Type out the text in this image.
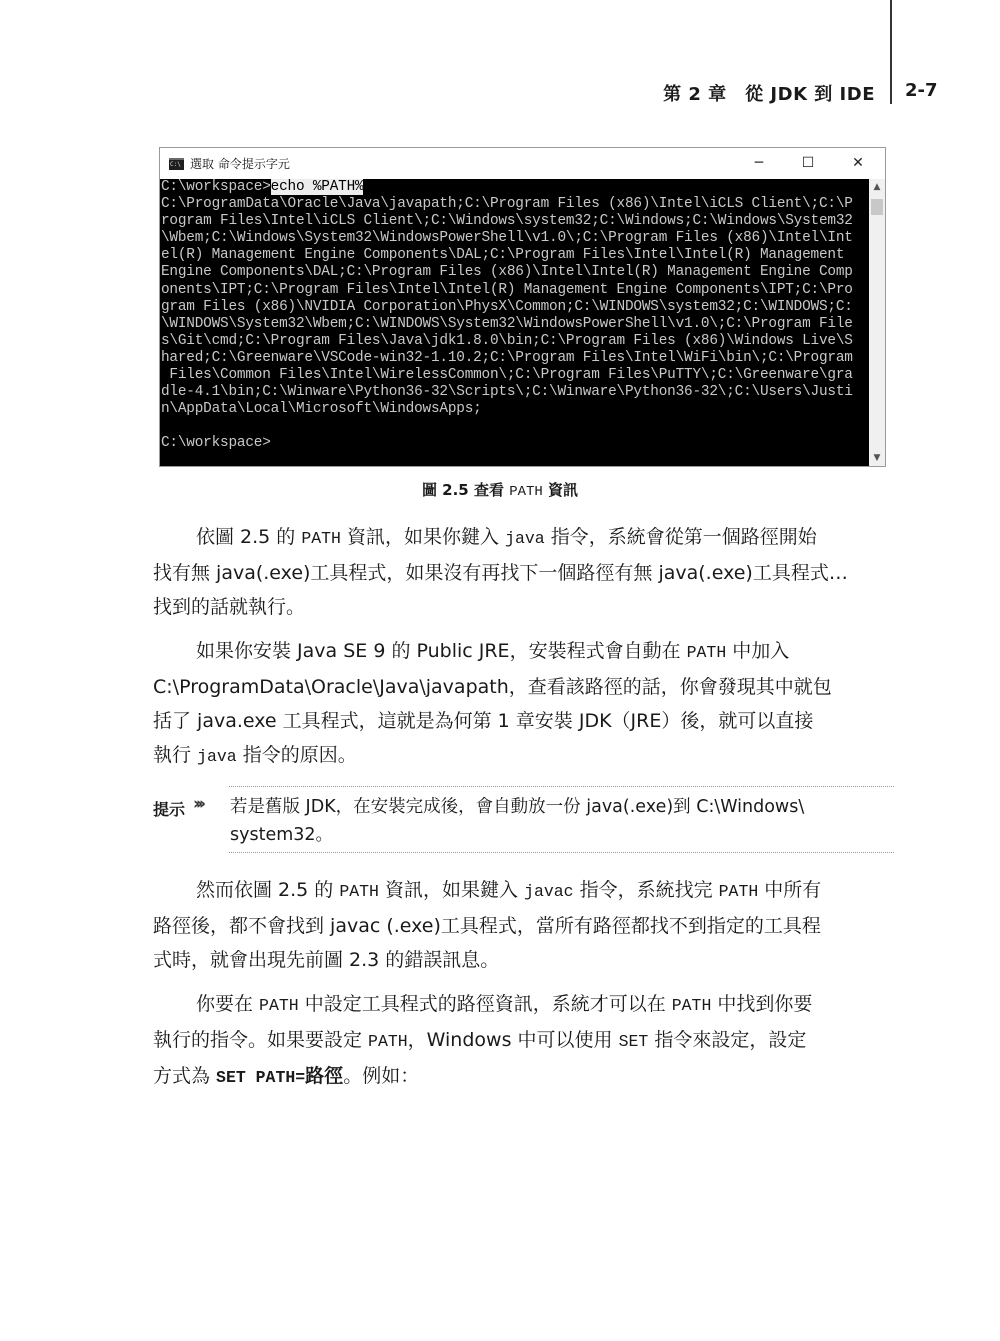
第 2 章　從 JDK 到 IDE 2-7
C:\ 選取 命令提示字元	─	☐	✕
C:\workspace>echo %PATH%
C:\ProgramData\Oracle\Java\javapath;C:\Program Files (x86)\Intel\iCLS Client\;C:\P
rogram Files\Intel\iCLS Client\;C:\Windows\system32;C:\Windows;C:\Windows\System32
\Wbem;C:\Windows\System32\WindowsPowerShell\v1.0\;C:\Program Files (x86)\Intel\Int
el(R) Management Engine Components\DAL;C:\Program Files\Intel\Intel(R) Management
Engine Components\DAL;C:\Program Files (x86)\Intel\Intel(R) Management Engine Comp
onents\IPT;C:\Program Files\Intel\Intel(R) Management Engine Components\IPT;C:\Pro
gram Files (x86)\NVIDIA Corporation\PhysX\Common;C:\WINDOWS\system32;C:\WINDOWS;C:
\WINDOWS\System32\Wbem;C:\WINDOWS\System32\WindowsPowerShell\v1.0\;C:\Program File
s\Git\cmd;C:\Program Files\Java\jdk1.8.0\bin;C:\Program Files (x86)\Windows Live\S
hared;C:\Greenware\VSCode-win32-1.10.2;C:\Program Files\Intel\WiFi\bin\;C:\Program
Files\Common Files\Intel\WirelessCommon\;C:\Program Files\PuTTY\;C:\Greenware\gra
dle-4.1\bin;C:\Winware\Python36-32\Scripts\;C:\Winware\Python36-32\;C:\Users\Justi
n\AppData\Local\Microsoft\WindowsApps;
C:\workspace>
▲
▼
圖 2.5 查看 PATH 資訊

依圖 2.5 的 PATH 資訊，如果你鍵入 java 指令，系統會從第一個路徑開始

找有無 java(.exe)工具程式，如果沒有再找下一個路徑有無 java(.exe)工具程式…

找到的話就執行。

如果你安裝 Java SE 9 的 Public JRE，安裝程式會自動在 PATH 中加入

C:\ProgramData\Oracle\Java\javapath，查看該路徑的話，你會發現其中就包

括了 java.exe 工具程式，這就是為何第 1 章安裝 JDK（JRE）後，就可以直接

執行 java 指令的原因。

提示 ››› 若是舊版 JDK，在安裝完成後，會自動放一份 java(.exe)到 C:\Windows\
system32。

然而依圖 2.5 的 PATH 資訊，如果鍵入 javac 指令，系統找完 PATH 中所有

路徑後，都不會找到 javac (.exe)工具程式，當所有路徑都找不到指定的工具程

式時，就會出現先前圖 2.3 的錯誤訊息。

你要在 PATH 中設定工具程式的路徑資訊，系統才可以在 PATH 中找到你要

執行的指令。如果要設定 PATH，Windows 中可以使用 SET 指令來設定，設定

方式為 SET PATH=路徑。例如：
